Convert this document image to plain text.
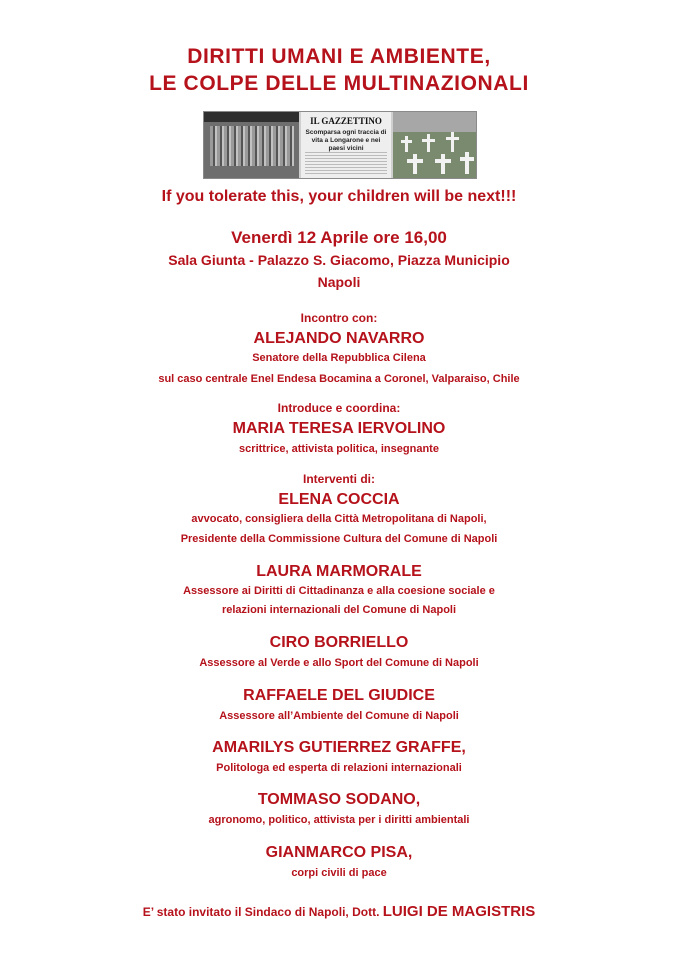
DIRITTI UMANI E AMBIENTE,
LE COLPE DELLE MULTINAZIONALI
IL GAZZETTINO
Scomparsa ogni traccia di vita a Longarone e nei paesi vicini
If you tolerate this, your children will be next!!!
Venerdì 12 Aprile ore 16,00
Sala Giunta - Palazzo S. Giacomo, Piazza Municipio
Napoli
Incontro con:
ALEJANDO NAVARRO
Senatore della Repubblica Cilena
sul caso centrale Enel Endesa Bocamina a Coronel, Valparaiso, Chile
Introduce e coordina:
MARIA TERESA IERVOLINO
scrittrice, attivista politica, insegnante
Interventi di:
ELENA COCCIA
avvocato, consigliera della Città Metropolitana di Napoli,
Presidente della Commissione Cultura del Comune di Napoli
LAURA MARMORALE
Assessore ai Diritti di Cittadinanza e alla coesione sociale e
relazioni internazionali del Comune di Napoli
CIRO BORRIELLO
Assessore al Verde e allo Sport del Comune di Napoli
RAFFAELE DEL GIUDICE
Assessore all’Ambiente del Comune di Napoli
AMARILYS GUTIERREZ GRAFFE,
Politologa ed esperta di relazioni internazionali
TOMMASO SODANO,
agronomo, politico, attivista per i diritti ambientali
GIANMARCO PISA,
corpi civili di pace
E’ stato invitato il Sindaco di Napoli, Dott. LUIGI DE MAGISTRIS
